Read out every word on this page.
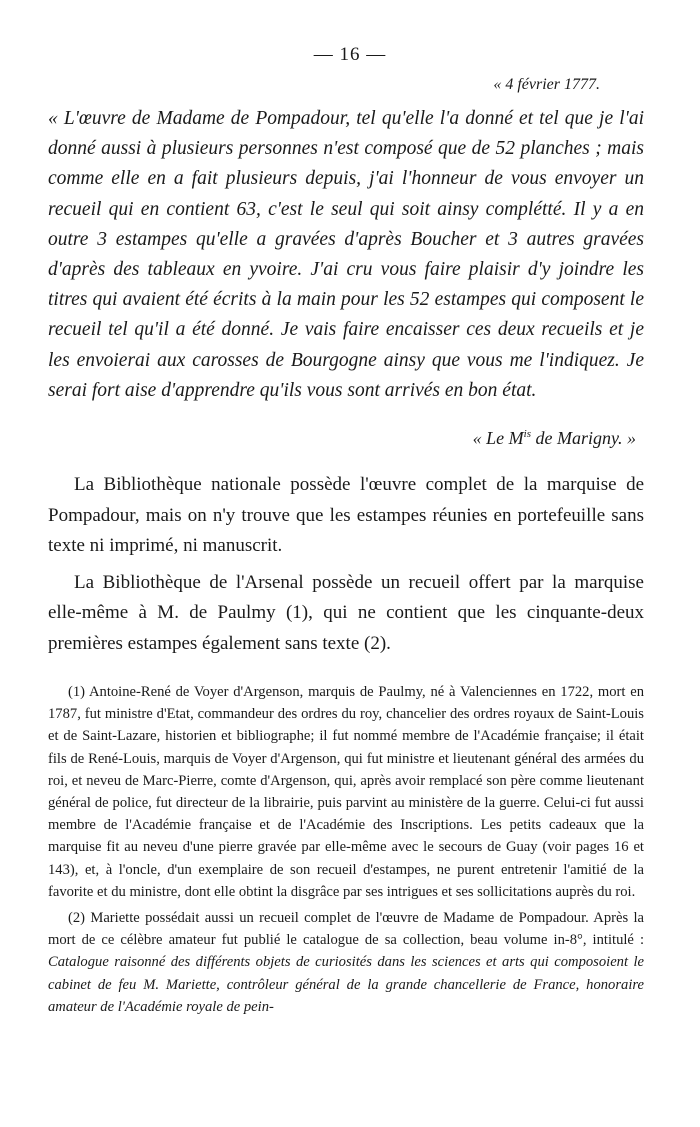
— 16 —
« 4 février 1777.

« L'œuvre de Madame de Pompadour, tel qu'elle l'a donné et tel que je l'ai donné aussi à plusieurs personnes n'est composé que de 52 planches ; mais comme elle en a fait plusieurs depuis, j'ai l'honneur de vous envoyer un recueil qui en contient 63, c'est le seul qui soit ainsy complétté. Il y a en outre 3 estampes qu'elle a gravées d'après Boucher et 3 autres gravées d'après des tableaux en yvoire. J'ai cru vous faire plaisir d'y joindre les titres qui avaient été écrits à la main pour les 52 estampes qui composent le recueil tel qu'il a été donné. Je vais faire encaisser ces deux recueils et je les envoierai aux carosses de Bourgogne ainsy que vous me l'indiquez. Je serai fort aise d'apprendre qu'ils vous sont arrivés en bon état.

« Le $M^{is}$ de Marigny. »

La Bibliothèque nationale possède l'œuvre complet de la marquise de Pompadour, mais on n'y trouve que les estampes réunies en portefeuille sans texte ni imprimé, ni manuscrit.

La Bibliothèque de l'Arsenal possède un recueil offert par la marquise elle-même à M. de Paulmy (1), qui ne contient que les cinquante-deux premières estampes également sans texte (2).

(1) Antoine-René de Voyer d'Argenson, marquis de Paulmy, né à Valenciennes en 1722, mort en 1787, fut ministre d'Etat, commandeur des ordres du roy, chancelier des ordres royaux de Saint-Louis et de Saint-Lazare, historien et bibliographe; il fut nommé membre de l'Académie française; il était fils de René-Louis, marquis de Voyer d'Argenson, qui fut ministre et lieutenant général des armées du roi, et neveu de Marc-Pierre, comte d'Argenson, qui, après avoir remplacé son père comme lieutenant général de police, fut directeur de la librairie, puis parvint au ministère de la guerre. Celui-ci fut aussi membre de l'Académie française et de l'Académie des Inscriptions. Les petits cadeaux que la marquise fit au neveu d'une pierre gravée par elle-même avec le secours de Guay (voir pages 16 et 143), et, à l'oncle, d'un exemplaire de son recueil d'estampes, ne purent entretenir l'amitié de la favorite et du ministre, dont elle obtint la disgrâce par ses intrigues et ses sollicitations auprès du roi.

(2) Mariette possédait aussi un recueil complet de l'œuvre de Madame de Pompadour. Après la mort de ce célèbre amateur fut publié le catalogue de sa collection, beau volume in-8°, intitulé : Catalogue raisonné des différents objets de curiosités dans les sciences et arts qui composoient le cabinet de feu M. Mariette, contrôleur général de la grande chancellerie de France, honoraire amateur de l'Académie royale de pein-
